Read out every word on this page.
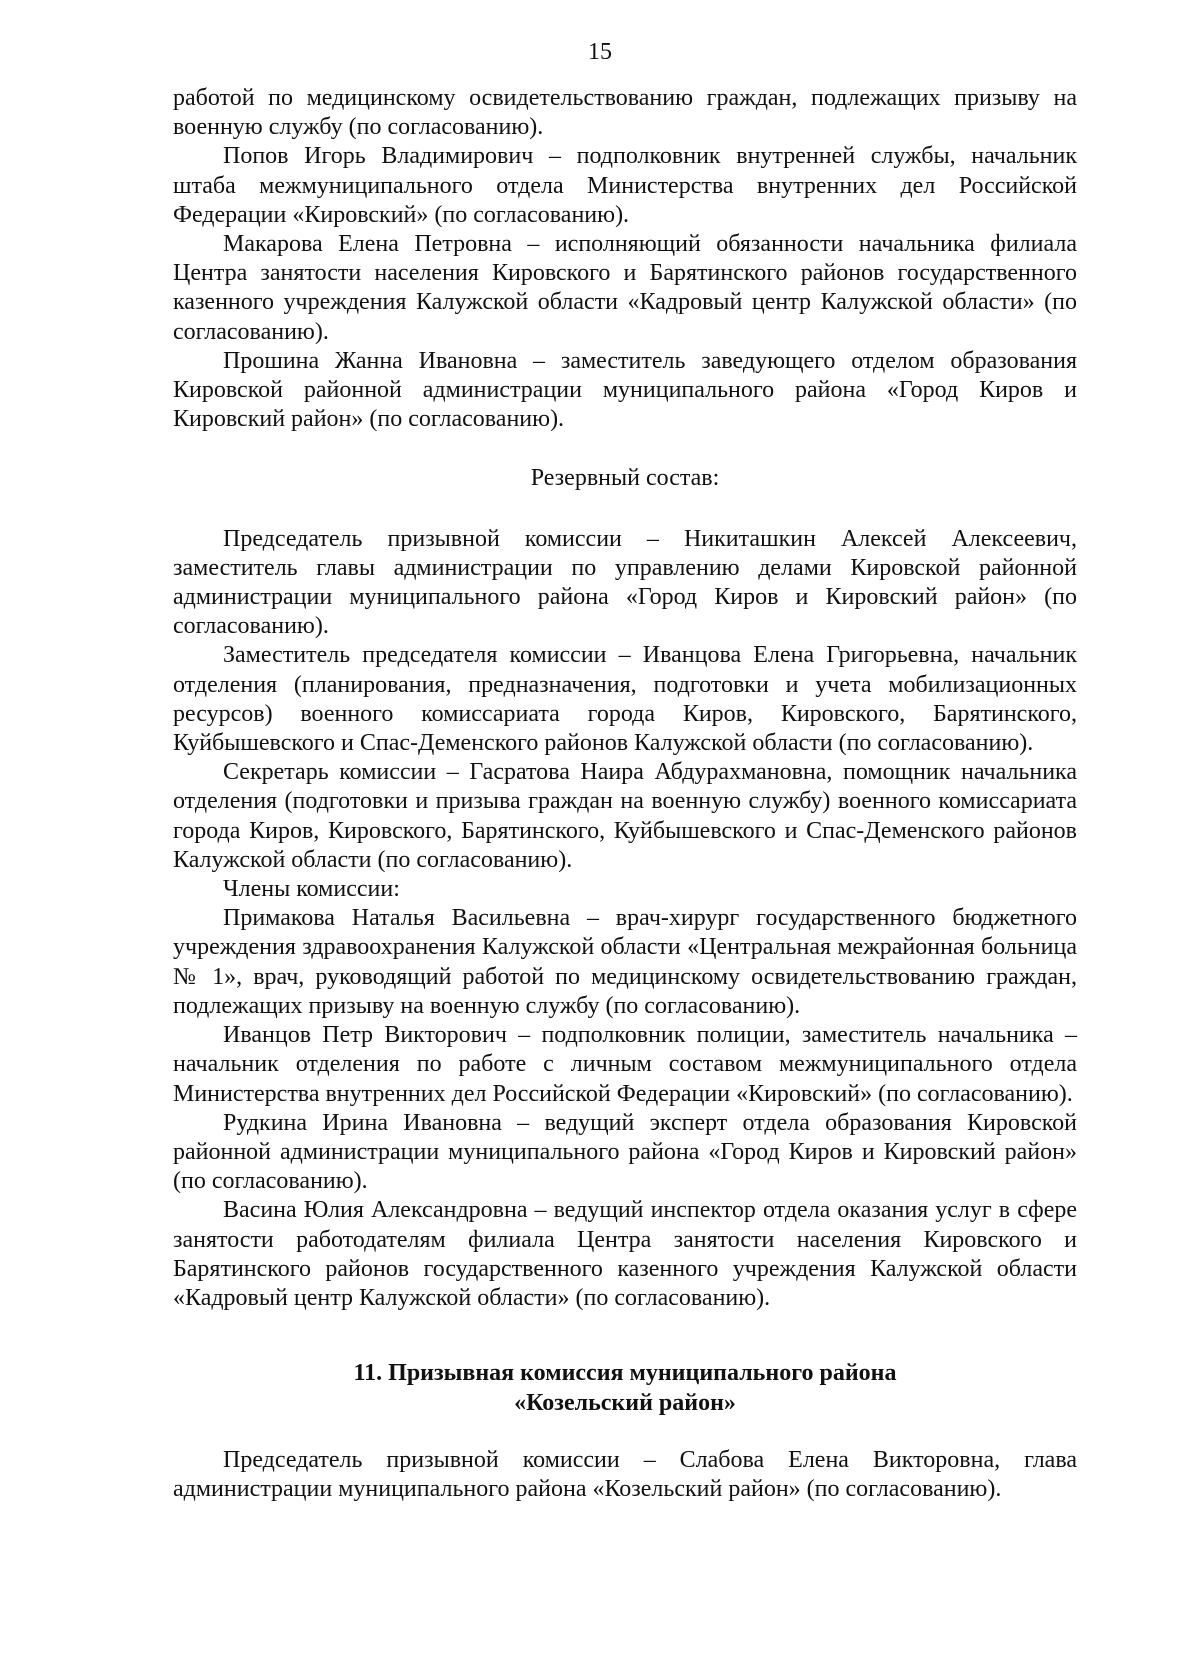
15

работой по медицинскому освидетельствованию граждан, подлежащих призыву на военную службу (по согласованию).

Попов Игорь Владимирович – подполковник внутренней службы, начальник штаба межмуниципального отдела Министерства внутренних дел Российской Федерации «Кировский» (по согласованию).

Макарова Елена Петровна – исполняющий обязанности начальника филиала Центра занятости населения Кировского и Барятинского районов государственного казенного учреждения Калужской области «Кадровый центр Калужской области» (по согласованию).

Прошина Жанна Ивановна – заместитель заведующего отделом образования Кировской районной администрации муниципального района «Город Киров и Кировский район» (по согласованию).

Резервный состав:

Председатель призывной комиссии – Никиташкин Алексей Алексеевич, заместитель главы администрации по управлению делами Кировской районной администрации муниципального района «Город Киров и Кировский район» (по согласованию).

Заместитель председателя комиссии – Иванцова Елена Григорьевна, начальник отделения (планирования, предназначения, подготовки и учета мобилизационных ресурсов) военного комиссариата города Киров, Кировского, Барятинского, Куйбышевского и Спас-Деменского районов Калужской области (по согласованию).

Секретарь комиссии – Гасратова Наира Абдурахмановна, помощник начальника отделения (подготовки и призыва граждан на военную службу) военного комиссариата города Киров, Кировского, Барятинского, Куйбышевского и Спас-Деменского районов Калужской области (по согласованию).

Члены комиссии:

Примакова Наталья Васильевна – врач-хирург государственного бюджетного учреждения здравоохранения Калужской области «Центральная межрайонная больница № 1», врач, руководящий работой по медицинскому освидетельствованию граждан, подлежащих призыву на военную службу (по согласованию).

Иванцов Петр Викторович – подполковник полиции, заместитель начальника – начальник отделения по работе с личным составом межмуниципального отдела Министерства внутренних дел Российской Федерации «Кировский» (по согласованию).

Рудкина Ирина Ивановна – ведущий эксперт отдела образования Кировской районной администрации муниципального района «Город Киров и Кировский район» (по согласованию).

Васина Юлия Александровна – ведущий инспектор отдела оказания услуг в сфере занятости работодателям филиала Центра занятости населения Кировского и Барятинского районов государственного казенного учреждения Калужской области «Кадровый центр Калужской области» (по согласованию).

11. Призывная комиссия муниципального района
«Козельский район»

Председатель призывной комиссии – Слабова Елена Викторовна, глава администрации муниципального района «Козельский район» (по согласованию).
